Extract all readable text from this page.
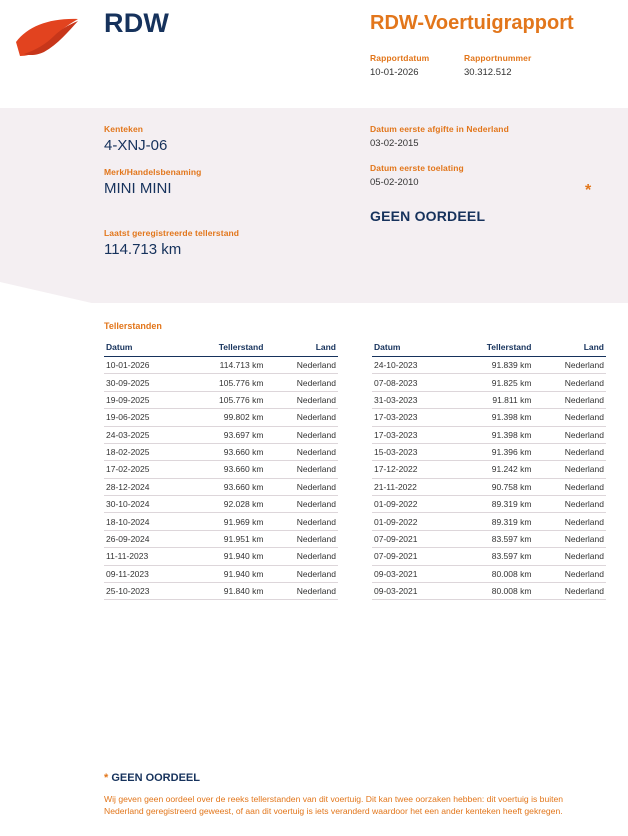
RDW	RDW-Voertuigrapport
Rapportdatum
10-01-2026
Rapportnummer
30.312.512
Kenteken
4-XNJ-06
Merk/Handelsbenaming
MINI MINI
Laatst geregistreerde tellerstand
114.713 km
Datum eerste afgifte in Nederland
03-02-2015
Datum eerste toelating
05-02-2010
GEEN OORDEEL
*
Tellerstanden
Datum	Tellerstand	Land
10-01-2026	114.713 km	Nederland
30-09-2025	105.776 km	Nederland
19-09-2025	105.776 km	Nederland
19-06-2025	99.802 km	Nederland
24-03-2025	93.697 km	Nederland
18-02-2025	93.660 km	Nederland
17-02-2025	93.660 km	Nederland
28-12-2024	93.660 km	Nederland
30-10-2024	92.028 km	Nederland
18-10-2024	91.969 km	Nederland
26-09-2024	91.951 km	Nederland
11-11-2023	91.940 km	Nederland
09-11-2023	91.940 km	Nederland
25-10-2023	91.840 km	Nederland
Datum	Tellerstand	Land
24-10-2023	91.839 km	Nederland
07-08-2023	91.825 km	Nederland
31-03-2023	91.811 km	Nederland
17-03-2023	91.398 km	Nederland
17-03-2023	91.398 km	Nederland
15-03-2023	91.396 km	Nederland
17-12-2022	91.242 km	Nederland
21-11-2022	90.758 km	Nederland
01-09-2022	89.319 km	Nederland
01-09-2022	89.319 km	Nederland
07-09-2021	83.597 km	Nederland
07-09-2021	83.597 km	Nederland
09-03-2021	80.008 km	Nederland
09-03-2021	80.008 km	Nederland
* GEEN OORDEEL
Wij geven geen oordeel over de reeks tellerstanden van dit voertuig. Dit kan twee oorzaken hebben: dit voertuig is buiten Nederland geregistreerd geweest, of aan dit voertuig is iets veranderd waardoor het een ander kenteken heeft gekregen.
